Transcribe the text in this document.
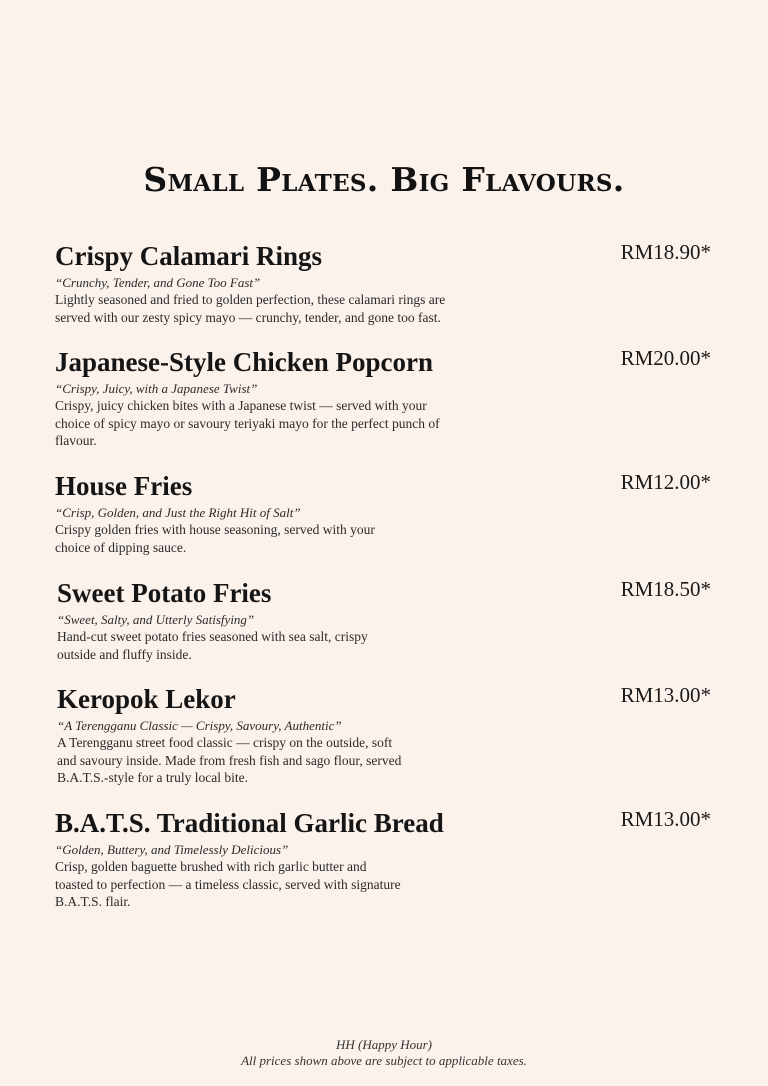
Small Plates. Big Flavours.
Crispy Calamari Rings	RM18.90*
“Crunchy, Tender, and Gone Too Fast”
Lightly seasoned and fried to golden perfection, these calamari rings are
served with our zesty spicy mayo — crunchy, tender, and gone too fast.
Japanese-Style Chicken Popcorn	RM20.00*
“Crispy, Juicy, with a Japanese Twist”
Crispy, juicy chicken bites with a Japanese twist — served with your
choice of spicy mayo or savoury teriyaki mayo for the perfect punch of
flavour.
House Fries	RM12.00*
“Crisp, Golden, and Just the Right Hit of Salt”
Crispy golden fries with house seasoning, served with your
choice of dipping sauce.
Sweet Potato Fries	RM18.50*
“Sweet, Salty, and Utterly Satisfying”
Hand-cut sweet potato fries seasoned with sea salt, crispy
outside and fluffy inside.
Keropok Lekor	RM13.00*
“A Terengganu Classic — Crispy, Savoury, Authentic”
A Terengganu street food classic — crispy on the outside, soft
and savoury inside. Made from fresh fish and sago flour, served
B.A.T.S.-style for a truly local bite.
B.A.T.S. Traditional Garlic Bread	RM13.00*
“Golden, Buttery, and Timelessly Delicious”
Crisp, golden baguette brushed with rich garlic butter and
toasted to perfection — a timeless classic, served with signature
B.A.T.S. flair.
HH (Happy Hour)
All prices shown above are subject to applicable taxes.
